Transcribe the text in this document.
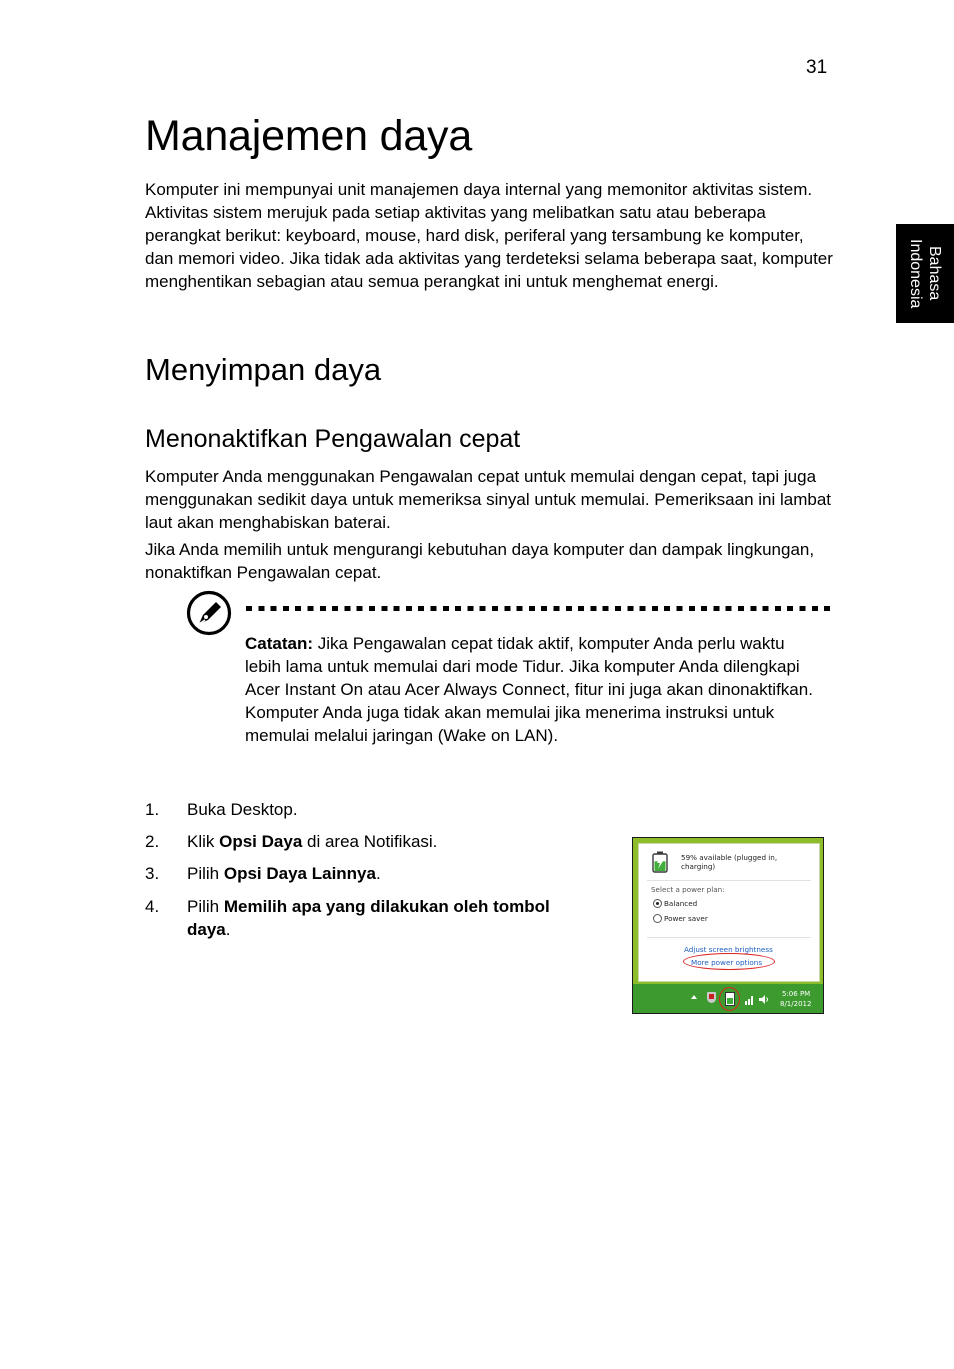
31
Manajemen daya

Komputer ini mempunyai unit manajemen daya internal yang memonitor aktivitas sistem. Aktivitas sistem merujuk pada setiap aktivitas yang melibatkan satu atau beberapa perangkat berikut: keyboard, mouse, hard disk, periferal yang tersambung ke komputer, dan memori video. Jika tidak ada aktivitas yang terdeteksi selama beberapa saat, komputer menghentikan sebagian atau semua perangkat ini untuk menghemat energi.	Bahasa
Indonesia
Menyimpan daya
Menonaktifkan Pengawalan cepat

Komputer Anda menggunakan Pengawalan cepat untuk memulai dengan cepat, tapi juga menggunakan sedikit daya untuk memeriksa sinyal untuk memulai. Pemeriksaan ini lambat laut akan menghabiskan baterai.

Jika Anda memilih untuk mengurangi kebutuhan daya komputer dan dampak lingkungan, nonaktifkan Pengawalan cepat.

Catatan: Jika Pengawalan cepat tidak aktif, komputer Anda perlu waktu lebih lama untuk memulai dari mode Tidur. Jika komputer Anda dilengkapi Acer Instant On atau Acer Always Connect, fitur ini juga akan dinonaktifkan.

Komputer Anda juga tidak akan memulai jika menerima instruksi untuk memulai melalui jaringan (Wake on LAN).

1. Buka Desktop.
2. Klik Opsi Daya di area Notifikasi.
3. Pilih Opsi Daya Lainnya.
4. Pilih Memilih apa yang dilakukan oleh tombol daya.
59% available (plugged in,
charging)
Select a power plan:
Balanced
Power saver
Adjust screen brightness
More power options
5:06 PM
8/1/2012
